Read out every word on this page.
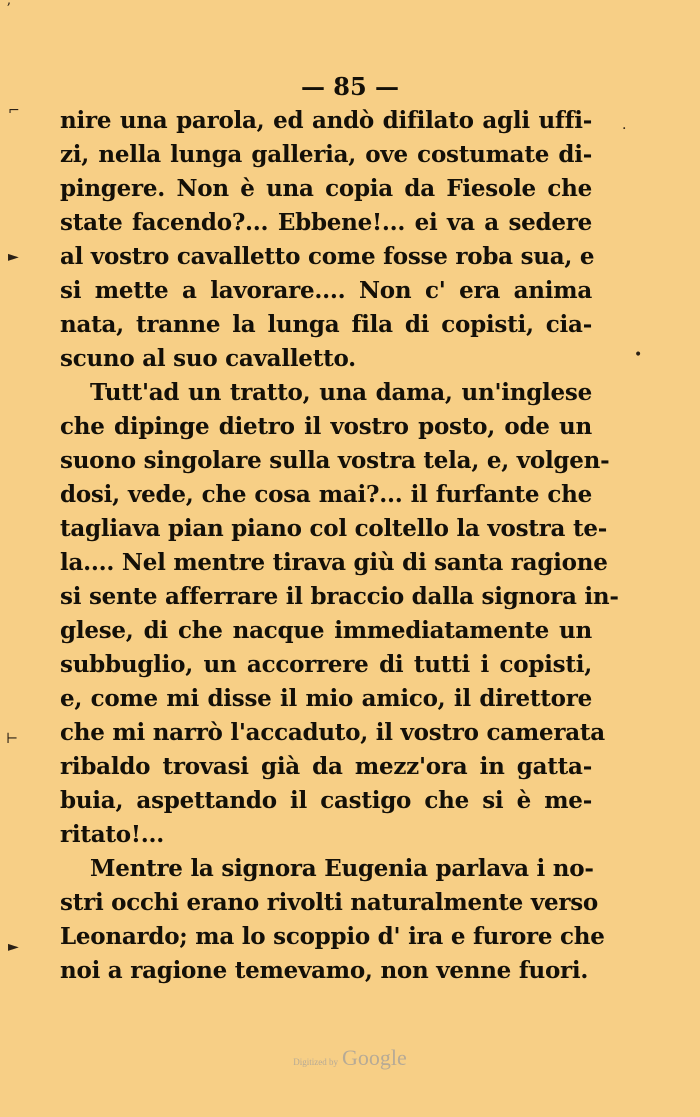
— 85 —
nire una parola, ed andò difilato agli uffi-
zi, nella lunga galleria, ove costumate di-
pingere. Non è una copia da Fiesole che
state facendo?... Ebbene!... ei va a sedere
al vostro cavalletto come fosse roba sua, e
si mette a lavorare.... Non c' era anima
nata, tranne la lunga fila di copisti, cia-
scuno al suo cavalletto.
Tutt'ad un tratto, una dama, un'inglese
che dipinge dietro il vostro posto, ode un
suono singolare sulla vostra tela, e, volgen-
dosi, vede, che cosa mai?... il furfante che
tagliava pian piano col coltello la vostra te-
la.... Nel mentre tirava giù di santa ragione
si sente afferrare il braccio dalla signora in-
glese, di che nacque immediatamente un
subbuglio, un accorrere di tutti i copisti,
e, come mi disse il mio amico, il direttore
che mi narrò l'accaduto, il vostro camerata
ribaldo trovasi già da mezz'ora in gatta-
buia, aspettando il castigo che si è me-
ritato!...
Mentre la signora Eugenia parlava i no-
stri occhi erano rivolti naturalmente verso
Leonardo; ma lo scoppio d' ira e furore che
noi a ragione temevamo, non venne fuori.
ʼ
⌐
►
⊢
►
·
•
Digitized by Google
